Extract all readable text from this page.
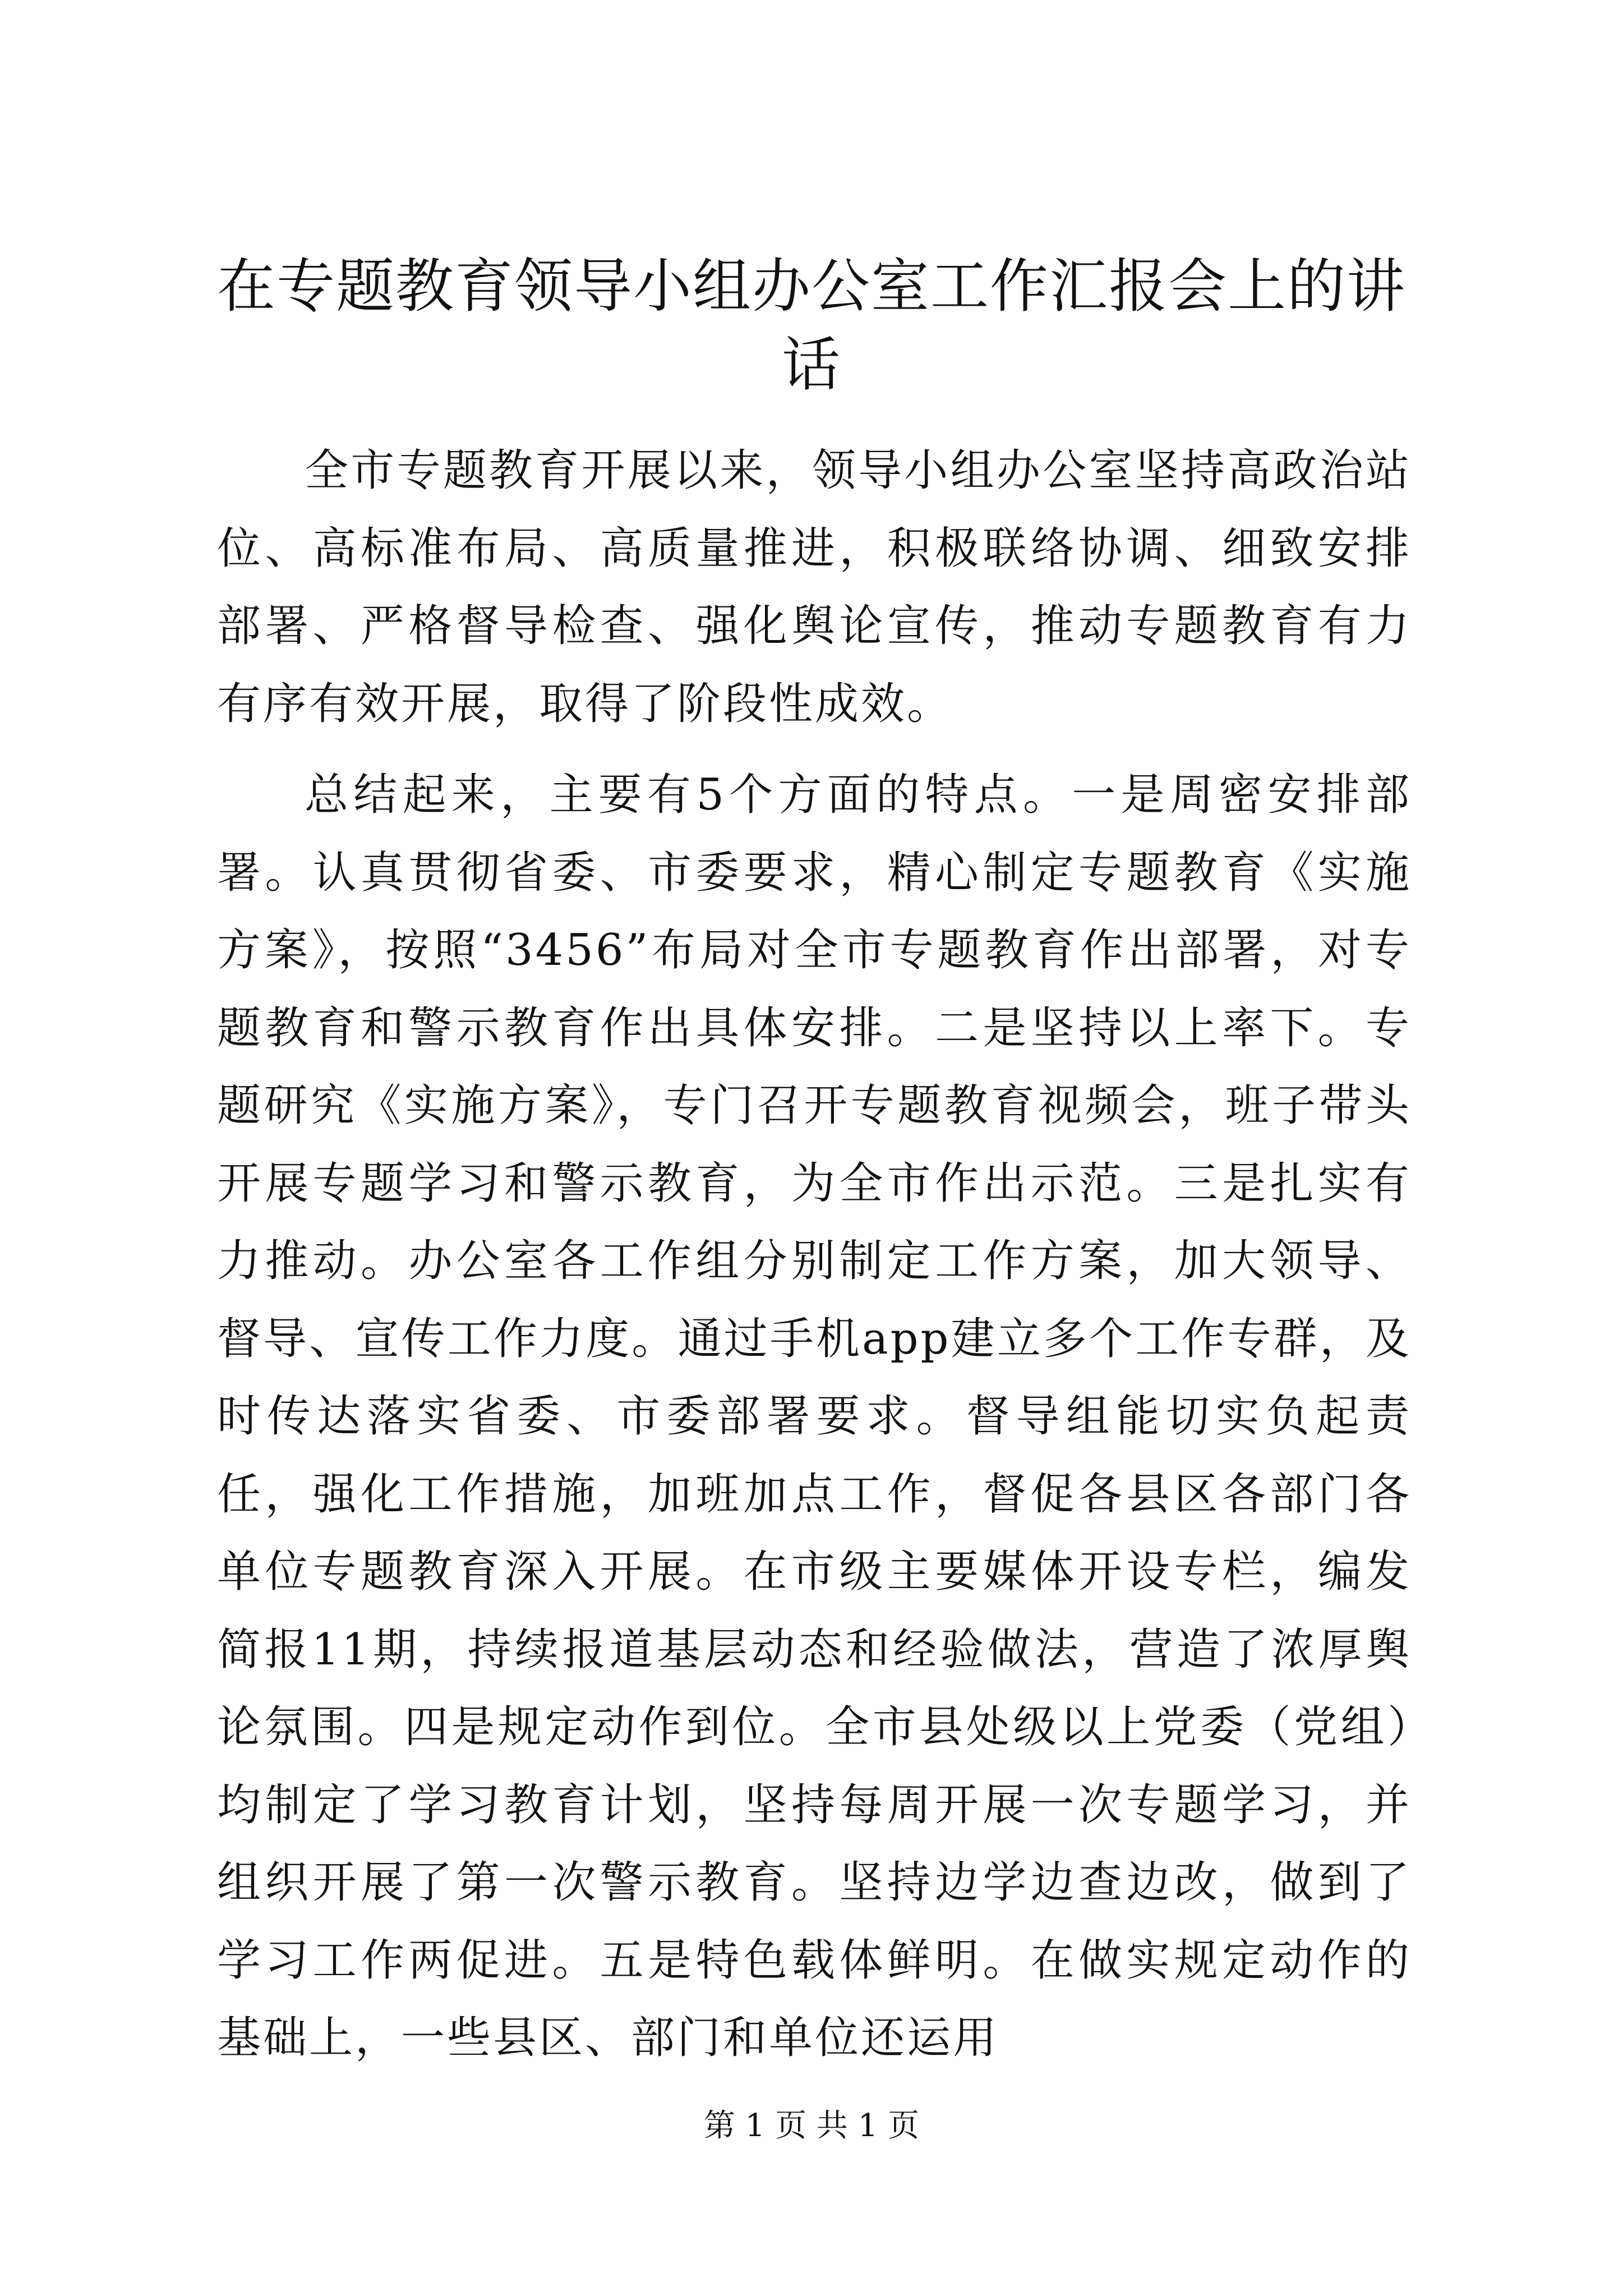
在专题教育领导小组办公室工作汇报会上的讲话

全市专题教育开展以来，领导小组办公室坚持高政治站位、高标准布局、高质量推进，积极联络协调、细致安排部署、严格督导检查、强化舆论宣传，推动专题教育有力有序有效开展，取得了阶段性成效。

总结起来，主要有5个方面的特点。一是周密安排部署。认真贯彻省委、市委要求，精心制定专题教育《实施方案》，按照“3456”布局对全市专题教育作出部署，对专题教育和警示教育作出具体安排。二是坚持以上率下。专题研究《实施方案》，专门召开专题教育视频会，班子带头开展专题学习和警示教育，为全市作出示范。三是扎实有力推动。办公室各工作组分别制定工作方案，加大领导、督导、宣传工作力度。通过手机app建立多个工作专群，及时传达落实省委、市委部署要求。督导组能切实负起责任，强化工作措施，加班加点工作，督促各县区各部门各单位专题教育深入开展。在市级主要媒体开设专栏，编发简报11期，持续报道基层动态和经验做法，营造了浓厚舆论氛围。四是规定动作到位。全市县处级以上党委（党组）均制定了学习教育计划，坚持每周开展一次专题学习，并组织开展了第一次警示教育。坚持边学边查边改，做到了学习工作两促进。五是特色载体鲜明。在做实规定动作的基础上，一些县区、部门和单位还运用

第 1 页 共 1 页
